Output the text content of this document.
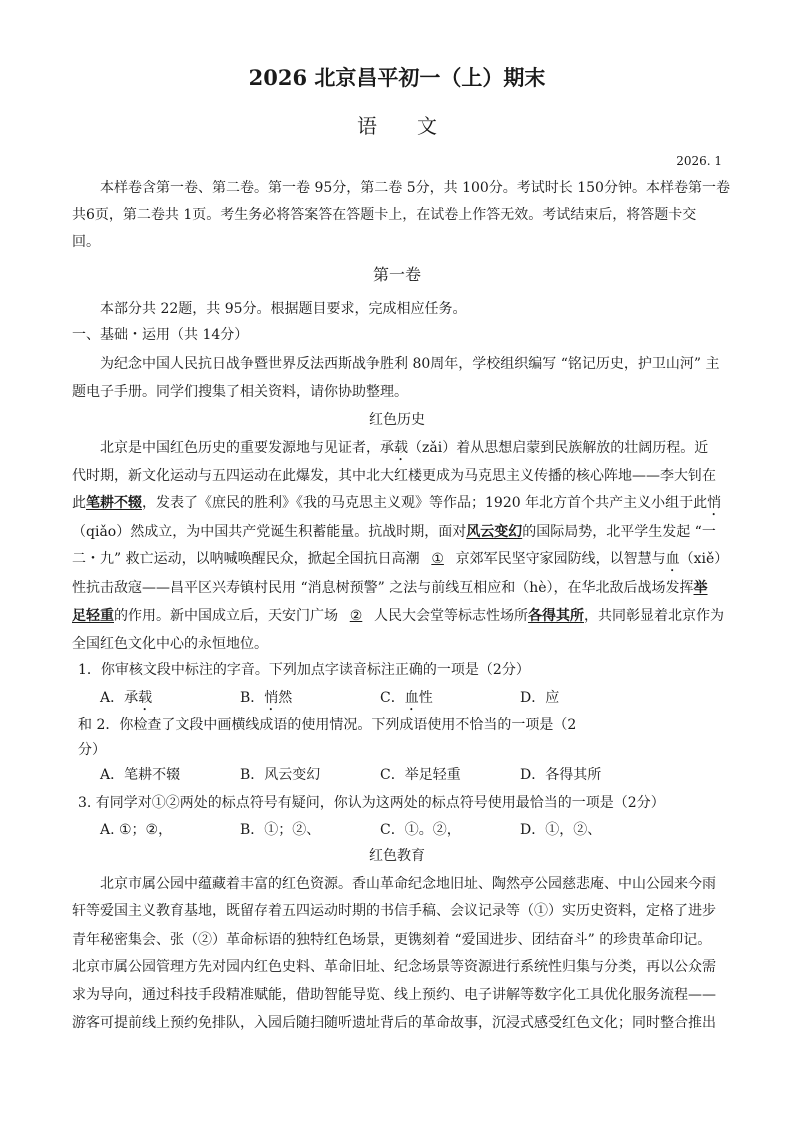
2026 北京昌平初一（上）期末
语文
2026. 1
本样卷含第一卷、第二卷。第一卷 95分，第二卷 5分，共 100分。考试时长 150分钟。本样卷第一卷
共6页，第二卷共 1页。考生务必将答案答在答题卡上，在试卷上作答无效。考试结束后，将答题卡交
回。
第一卷
本部分共 22题，共 95分。根据题目要求，完成相应任务。
一、基础・运用（共 14分）
为纪念中国人民抗日战争暨世界反法西斯战争胜利 80周年，学校组织编写 “铭记历史，护卫山河” 主
题电子手册。同学们搜集了相关资料，请你协助整理。
红色历史
北京是中国红色历史的重要发源地与见证者，承载（zǎi）着从思想启蒙到民族解放的壮阔历程。近
代时期，新文化运动与五四运动在此爆发，其中北大红楼更成为马克思主义传播的核心阵地——李大钊在
此笔耕不辍，发表了《庶民的胜利》《我的马克思主义观》等作品；1920 年北方首个共产主义小组于此悄
（qiǎo）然成立，为中国共产党诞生积蓄能量。抗战时期，面对风云变幻的国际局势，北平学生发起 “一
二・九” 救亡运动，以呐喊唤醒民众，掀起全国抗日高潮 ① 京郊军民坚守家园防线，以智慧与血（xiě）
性抗击敌寇——昌平区兴寿镇村民用 “消息树预警” 之法与前线互相应和（hè），在华北敌后战场发挥举
足轻重的作用。新中国成立后，天安门广场 ② 人民大会堂等标志性场所各得其所，共同彰显着北京作为
全国红色文化中心的永恒地位。
1．你审核文段中标注的字音。下列加点字读音标注正确的一项是（2分）
A．承载	B．悄然	C．血性	D．应
和 2．你检查了文段中画横线成语的使用情况。下列成语使用不恰当的一项是（2
分）
A．笔耕不辍	B．风云变幻	C．举足轻重	D．各得其所
3. 有同学对①②两处的标点符号有疑问，你认为这两处的标点符号使用最恰当的一项是（2分）
A. ①；②，	B．①；②、	C．①。②，	D．①，②、
红色教育
北京市属公园中蕴藏着丰富的红色资源。香山革命纪念地旧址、陶然亭公园慈悲庵、中山公园来今雨
轩等爱国主义教育基地，既留存着五四运动时期的书信手稿、会议记录等（①）实历史资料，定格了进步
青年秘密集会、张（②）革命标语的独特红色场景，更镌刻着 “爱国进步、团结奋斗” 的珍贵革命印记。
北京市属公园管理方先对园内红色史料、革命旧址、纪念场景等资源进行系统性归集与分类，再以公众需
求为导向，通过科技手段精准赋能，借助智能导览、线上预约、电子讲解等数字化工具优化服务流程——
游客可提前线上预约免排队，入园后随扫随听遗址背后的革命故事，沉浸式感受红色文化；同时整合推出
